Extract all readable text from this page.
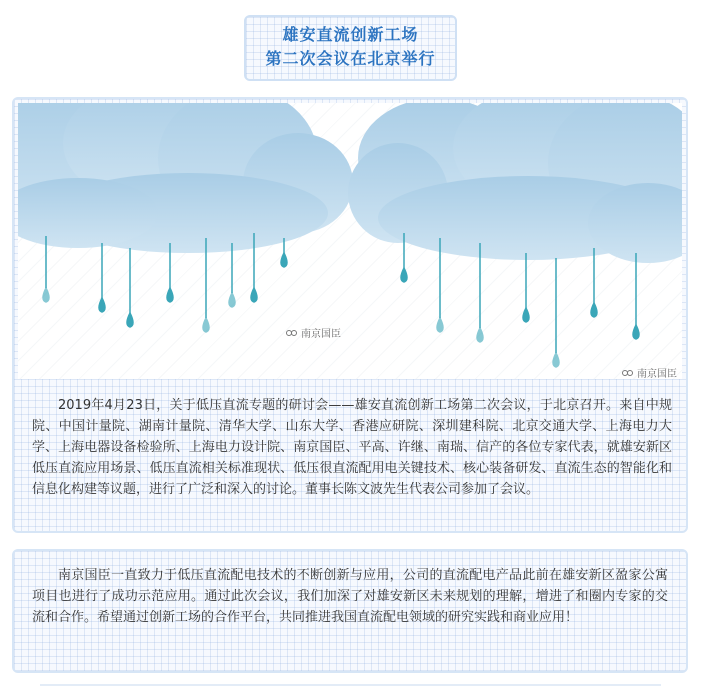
雄安直流创新工场
第二次会议在北京举行
南京国臣
南京国臣

2019年4月23日，关于低压直流专题的研讨会——雄安直流创新工场第二次会议，于北京召开。来自中规院、中国计量院、湖南计量院、清华大学、山东大学、香港应研院、深圳建科院、北京交通大学、上海电力大学、上海电器设备检验所、上海电力设计院、南京国臣、平高、许继、南瑞、信产的各位专家代表，就雄安新区低压直流应用场景、低压直流相关标准现状、低压很直流配用电关键技术、核心装备研发、直流生态的智能化和信息化构建等议题，进行了广泛和深入的讨论。董事长陈文波先生代表公司参加了会议。

南京国臣一直致力于低压直流配电技术的不断创新与应用，公司的直流配电产品此前在雄安新区盈家公寓项目也进行了成功示范应用。通过此次会议，我们加深了对雄安新区未来规划的理解，增进了和圈内专家的交流和合作。希望通过创新工场的合作平台，共同推进我国直流配电领域的研究实践和商业应用！
